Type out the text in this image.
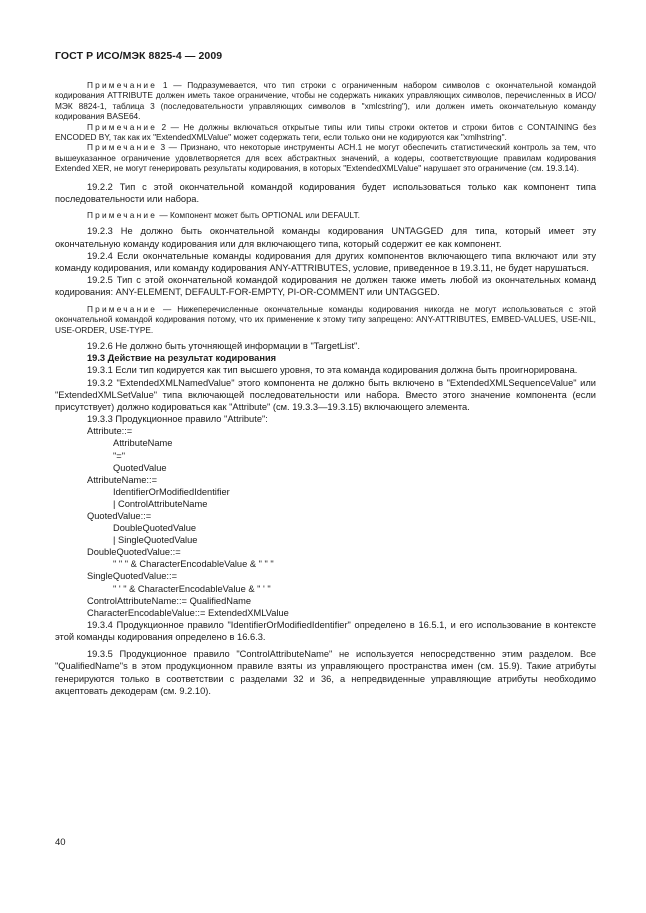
ГОСТ Р ИСО/МЭК 8825-4 — 2009

Примечание 1 — Подразумевается, что тип строки с ограниченным набором символов с окончательной командой кодирования ATTRIBUTE должен иметь такое ограничение, чтобы не содержать никаких управляющих символов, перечисленных в ИСО/МЭК 8824-1, таблица 3 (последовательности управляющих символов в "xmlcstring"), или должен иметь окончательную команду кодирования BASE64.

Примечание 2 — Не должны включаться открытые типы или типы строки октетов и строки битов с CONTAINING без ENCODED BY, так как их "ExtendedXMLValue" может содержать теги, если только они не кодируются как "xmlhstring".

Примечание 3 — Признано, что некоторые инструменты АСН.1 не могут обеспечить статистический контроль за тем, что вышеуказанное ограничение удовлетворяется для всех абстрактных значений, а кодеры, соответствующие правилам кодирования Extended XER, не могут генерировать результаты кодирования, в которых "ExtendedXMLValue" нарушает это ограничение (см. 19.3.14).

19.2.2 Тип с этой окончательной командой кодирования будет использоваться только как компонент типа последовательности или набора.

Примечание — Компонент может быть OPTIONAL или DEFAULT.

19.2.3 Не должно быть окончательной команды кодирования UNTAGGED для типа, который имеет эту окончательную команду кодирования или для включающего типа, который содержит ее как компонент.

19.2.4 Если окончательные команды кодирования для других компонентов включающего типа включают или эту команду кодирования, или команду кодирования ANY-ATTRIBUTES, условие, приведенное в 19.3.11, не будет нарушаться.

19.2.5 Тип с этой окончательной командой кодирования не должен также иметь любой из окончательных команд кодирования: ANY-ELEMENT, DEFAULT-FOR-EMPTY, PI-OR-COMMENT или UNTAGGED.

Примечание — Нижеперечисленные окончательные команды кодирования никогда не могут использоваться с этой окончательной командой кодирования потому, что их применение к этому типу запрещено: ANY-ATTRIBUTES, EMBED-VALUES, USE-NIL, USE-ORDER, USE-TYPE.

19.2.6 Не должно быть уточняющей информации в "TargetList".

19.3 Действие на результат кодирования

19.3.1 Если тип кодируется как тип высшего уровня, то эта команда кодирования должна быть проигнорирована.

19.3.2 "ExtendedXMLNamedValue" этого компонента не должно быть включено в "ExtendedXMLSequenceValue" или "ExtendedXMLSetValue" типа включающей последовательности или набора. Вместо этого значение компонента (если присутствует) должно кодироваться как "Attribute" (см. 19.3.3—19.3.15) включающего элемента.

19.3.3 Продукционное правило "Attribute":

Attribute::=
AttributeName
"="
QuotedValue
AttributeName::=
IdentifierOrModifiedIdentifier
| ControlAttributeName
QuotedValue::=
DoubleQuotedValue
| SingleQuotedValue
DoubleQuotedValue::=
" " " & CharacterEncodableValue & " " "
SingleQuotedValue::=
" ' " & CharacterEncodableValue & " ' "
ControlAttributeName::= QualifiedName
CharacterEncodableValue::= ExtendedXMLValue

19.3.4 Продукционное правило "IdentifierOrModifiedIdentifier" определено в 16.5.1, и его использование в контексте этой команды кодирования определено в 16.6.3.

19.3.5 Продукционное правило "ControlAttributeName" не используется непосредственно этим разделом. Все "QualifiedName"s в этом продукционном правиле взяты из управляющего пространства имен (см. 15.9). Такие атрибуты генерируются только в соответствии с разделами 32 и 36, а непредвиденные управляющие атрибуты необходимо акцептовать декодерам (см. 9.2.10).

40
